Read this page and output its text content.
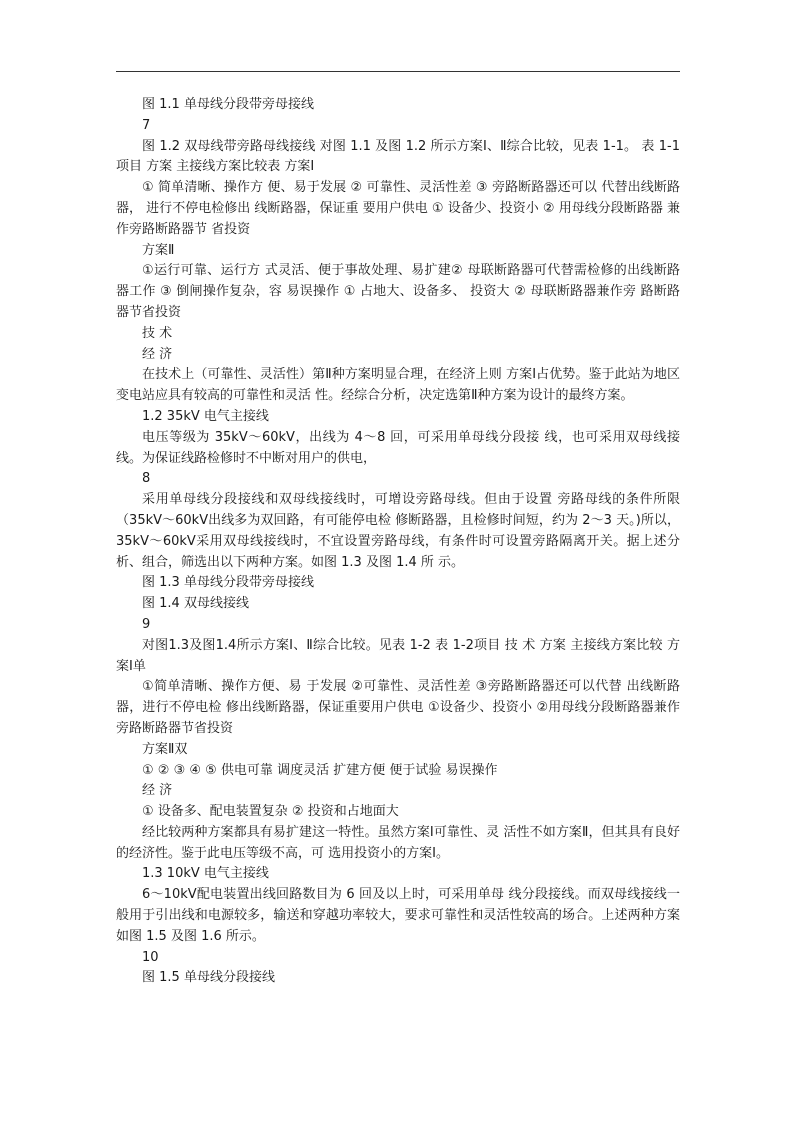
图 1.1 单母线分段带旁母接线

7

图 1.2 双母线带旁路母线接线 对图 1.1 及图 1.2 所示方案Ⅰ、Ⅱ综合比较，见表 1-1。 表 1-1 项目 方案 主接线方案比较表 方案Ⅰ

① 简单清晰、操作方 便、易于发展 ② 可靠性、灵活性差 ③ 旁路断路器还可以 代替出线断路器， 进行不停电检修出 线断路器，保证重 要用户供电 ① 设备少、投资小 ② 用母线分段断路器 兼作旁路断路器节 省投资

方案Ⅱ

①运行可靠、运行方 式灵活、便于事故处理、易扩建② 母联断路器可代替需检修的出线断路 器工作 ③ 倒闸操作复杂，容 易误操作 ① 占地大、设备多、 投资大 ② 母联断路器兼作旁 路断路器节省投资

技 术

经 济

在技术上（可靠性、灵活性）第Ⅱ种方案明显合理，在经济上则 方案Ⅰ占优势。鉴于此站为地区变电站应具有较高的可靠性和灵活 性。经综合分析，决定选第Ⅱ种方案为设计的最终方案。

1.2 35kV 电气主接线

电压等级为 35kV～60kV，出线为 4～8 回，可采用单母线分段接 线，也可采用双母线接线。为保证线路检修时不中断对用户的供电，

8

采用单母线分段接线和双母线接线时，可增设旁路母线。但由于设置 旁路母线的条件所限（35kV～60kV出线多为双回路，有可能停电检 修断路器，且检修时间短，约为 2～3 天。)所以，35kV～60kV采用双母线接线时，不宜设置旁路母线，有条件时可设置旁路隔离开关。据上述分析、组合，筛选出以下两种方案。如图 1.3 及图 1.4 所 示。

图 1.3 单母线分段带旁母接线

图 1.4 双母线接线

9

对图1.3及图1.4所示方案Ⅰ、Ⅱ综合比较。见表 1-2 表 1-2项目 技 术 方案 主接线方案比较 方案Ⅰ单

①简单清晰、操作方便、易 于发展 ②可靠性、灵活性差 ③旁路断路器还可以代替 出线断路器，进行不停电检 修出线断路器，保证重要用户供电 ①设备少、投资小 ②用母线分段断路器兼作 旁路断路器节省投资

方案Ⅱ双

① ② ③ ④ ⑤ 供电可靠 调度灵活 扩建方便 便于试验 易误操作

经 济

① 设备多、配电装置复杂 ② 投资和占地面大

经比较两种方案都具有易扩建这一特性。虽然方案Ⅰ可靠性、灵 活性不如方案Ⅱ，但其具有良好的经济性。鉴于此电压等级不高，可 选用投资小的方案Ⅰ。

1.3 10kV 电气主接线

6～10kV配电装置出线回路数目为 6 回及以上时，可采用单母 线分段接线。而双母线接线一般用于引出线和电源较多，输送和穿越功率较大，要求可靠性和灵活性较高的场合。上述两种方案如图 1.5 及图 1.6 所示。

10

图 1.5 单母线分段接线
